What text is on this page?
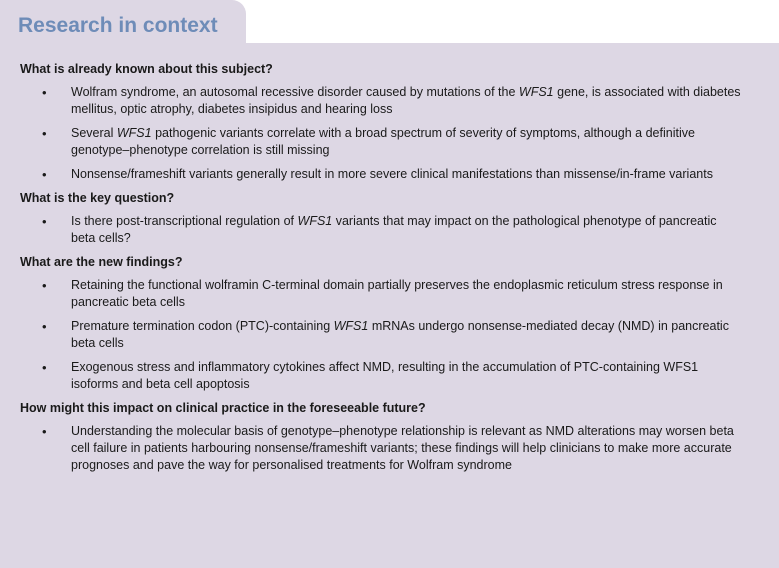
Research in context
What is already known about this subject?
• Wolfram syndrome, an autosomal recessive disorder caused by mutations of the WFS1 gene, is associated with diabetes mellitus, optic atrophy, diabetes insipidus and hearing loss
• Several WFS1 pathogenic variants correlate with a broad spectrum of severity of symptoms, although a definitive genotype–phenotype correlation is still missing
• Nonsense/frameshift variants generally result in more severe clinical manifestations than missense/in-frame variants
What is the key question?
• Is there post-transcriptional regulation of WFS1 variants that may impact on the pathological phenotype of pancreatic beta cells?
What are the new findings?
• Retaining the functional wolframin C-terminal domain partially preserves the endoplasmic reticulum stress response in pancreatic beta cells
• Premature termination codon (PTC)-containing WFS1 mRNAs undergo nonsense-mediated decay (NMD) in pancreatic beta cells
• Exogenous stress and inflammatory cytokines affect NMD, resulting in the accumulation of PTC-containing WFS1 isoforms and beta cell apoptosis
How might this impact on clinical practice in the foreseeable future?
• Understanding the molecular basis of genotype–phenotype relationship is relevant as NMD alterations may worsen beta cell failure in patients harbouring nonsense/frameshift variants; these findings will help clinicians to make more accurate prognoses and pave the way for personalised treatments for Wolfram syndrome
